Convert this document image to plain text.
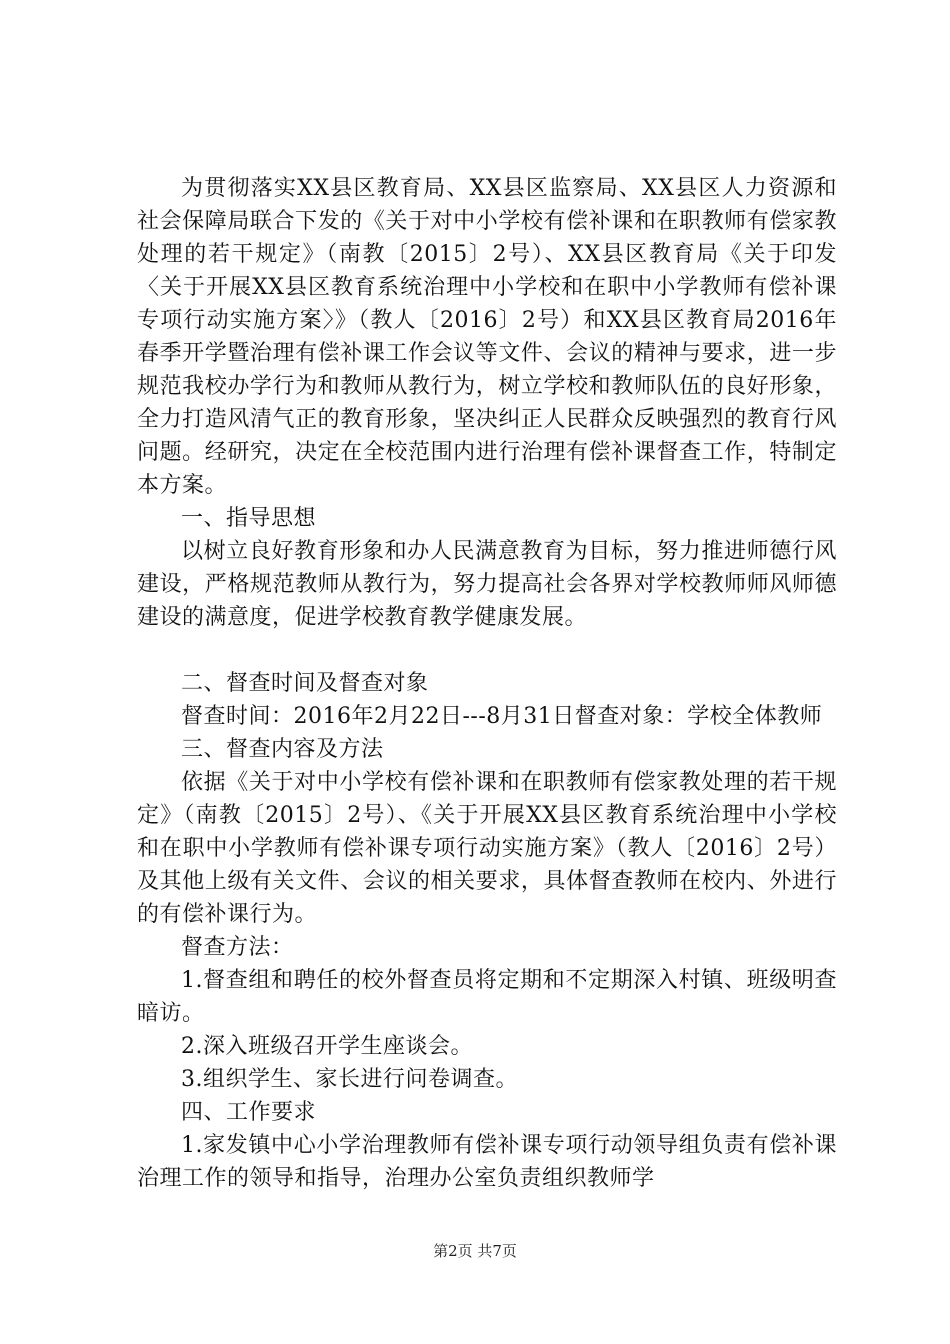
为贯彻落实XX县区教育局、XX县区监察局、XX县区人力资源和社会保障局联合下发的《关于对中小学校有偿补课和在职教师有偿家教处理的若干规定》（南教〔2015〕2号）、XX县区教育局《关于印发〈关于开展XX县区教育系统治理中小学校和在职中小学教师有偿补课专项行动实施方案〉》（教人〔2016〕2号）和XX县区教育局2016年春季开学暨治理有偿补课工作会议等文件、会议的精神与要求，进一步规范我校办学行为和教师从教行为，树立学校和教师队伍的良好形象，全力打造风清气正的教育形象，坚决纠正人民群众反映强烈的教育行风问题。经研究，决定在全校范围内进行治理有偿补课督查工作，特制定本方案。

一、指导思想

以树立良好教育形象和办人民满意教育为目标，努力推进师德行风建设，严格规范教师从教行为，努力提高社会各界对学校教师师风师德建设的满意度，促进学校教育教学健康发展。

二、督查时间及督查对象

督查时间：2016年2月22日---8月31日督查对象：学校全体教师

三、督查内容及方法

依据《关于对中小学校有偿补课和在职教师有偿家教处理的若干规定》（南教〔2015〕2号）、《关于开展XX县区教育系统治理中小学校和在职中小学教师有偿补课专项行动实施方案》（教人〔2016〕2号）及其他上级有关文件、会议的相关要求，具体督查教师在校内、外进行的有偿补课行为。

督查方法：

1.督查组和聘任的校外督查员将定期和不定期深入村镇、班级明查暗访。

2.深入班级召开学生座谈会。

3.组织学生、家长进行问卷调查。

四、工作要求

1.家发镇中心小学治理教师有偿补课专项行动领导组负责有偿补课治理工作的领导和指导，治理办公室负责组织教师学

第2页 共7页
